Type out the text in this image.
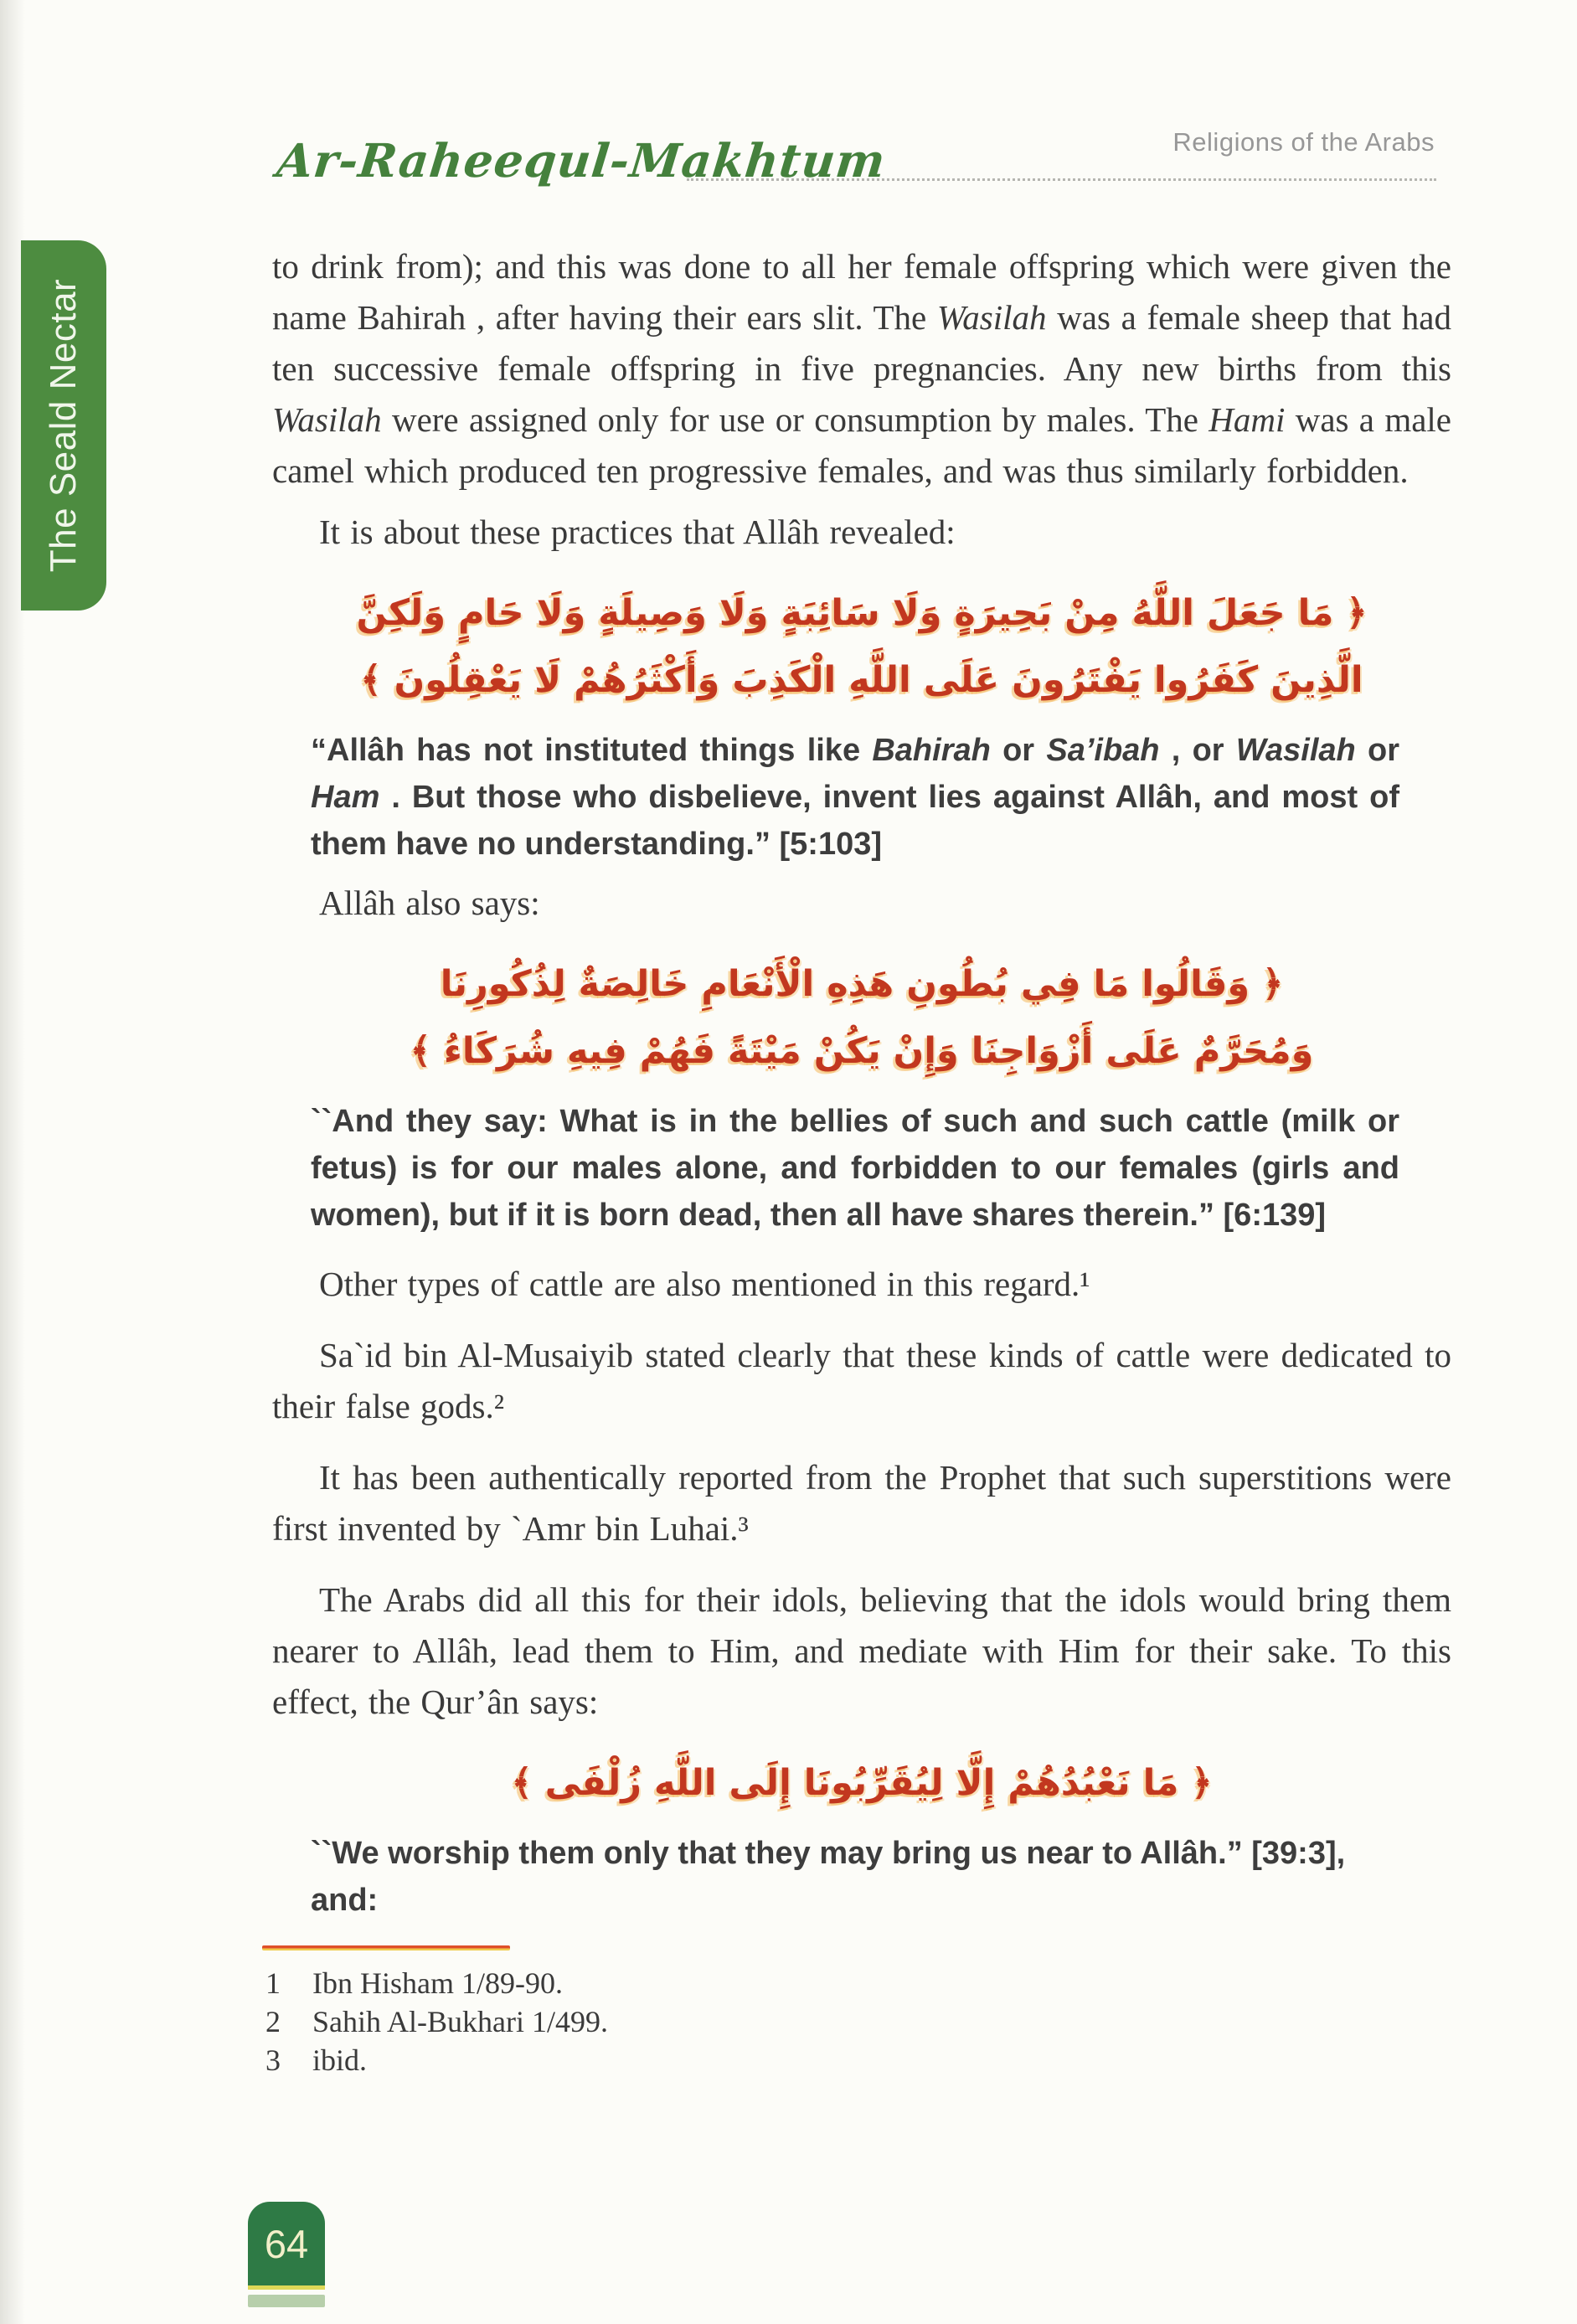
Ar-Raheequl-Makhtum	Religions of the Arabs
The Seald Nectar

to drink from); and this was done to all her female offspring which were given the name Bahirah , after having their ears slit. The Wasilah was a female sheep that had ten successive female offspring in five pregnancies. Any new births from this Wasilah were assigned only for use or consumption by males. The Hami was a male camel which produced ten progressive females, and was thus similarly forbidden.

It is about these practices that Allâh revealed:

﴿ مَا جَعَلَ اللَّهُ مِنْ بَحِيرَةٍ وَلَا سَائِبَةٍ وَلَا وَصِيلَةٍ وَلَا حَامٍ وَلَكِنَّ
الَّذِينَ كَفَرُوا يَفْتَرُونَ عَلَى اللَّهِ الْكَذِبَ وَأَكْثَرُهُمْ لَا يَعْقِلُونَ ﴾

“Allâh has not instituted things like Bahirah or Sa’ibah , or Wasilah or Ham . But those who disbelieve, invent lies against Allâh, and most of them have no understanding.” [5:103]

Allâh also says:

﴿ وَقَالُوا مَا فِي بُطُونِ هَذِهِ الْأَنْعَامِ خَالِصَةٌ لِذُكُورِنَا
وَمُحَرَّمٌ عَلَى أَزْوَاجِنَا وَإِنْ يَكُنْ مَيْتَةً فَهُمْ فِيهِ شُرَكَاءُ ﴾

``And they say: What is in the bellies of such and such cattle (milk or fetus) is for our males alone, and forbidden to our females (girls and women), but if it is born dead, then all have shares therein.” [6:139]

Other types of cattle are also mentioned in this regard.¹

Sa`id bin Al-Musaiyib stated clearly that these kinds of cattle were dedicated to their false gods.²

It has been authentically reported from the Prophet that such superstitions were first invented by `Amr bin Luhai.³

The Arabs did all this for their idols, believing that the idols would bring them nearer to Allâh, lead them to Him, and mediate with Him for their sake. To this effect, the Qur’ân says:

﴿ مَا نَعْبُدُهُمْ إِلَّا لِيُقَرِّبُونَا إِلَى اللَّهِ زُلْفَى ﴾

``We worship them only that they may bring us near to Allâh.” [39:3],

and:

1 Ibn Hisham 1/89-90.
2 Sahih Al-Bukhari 1/499.
3 ibid.
64
